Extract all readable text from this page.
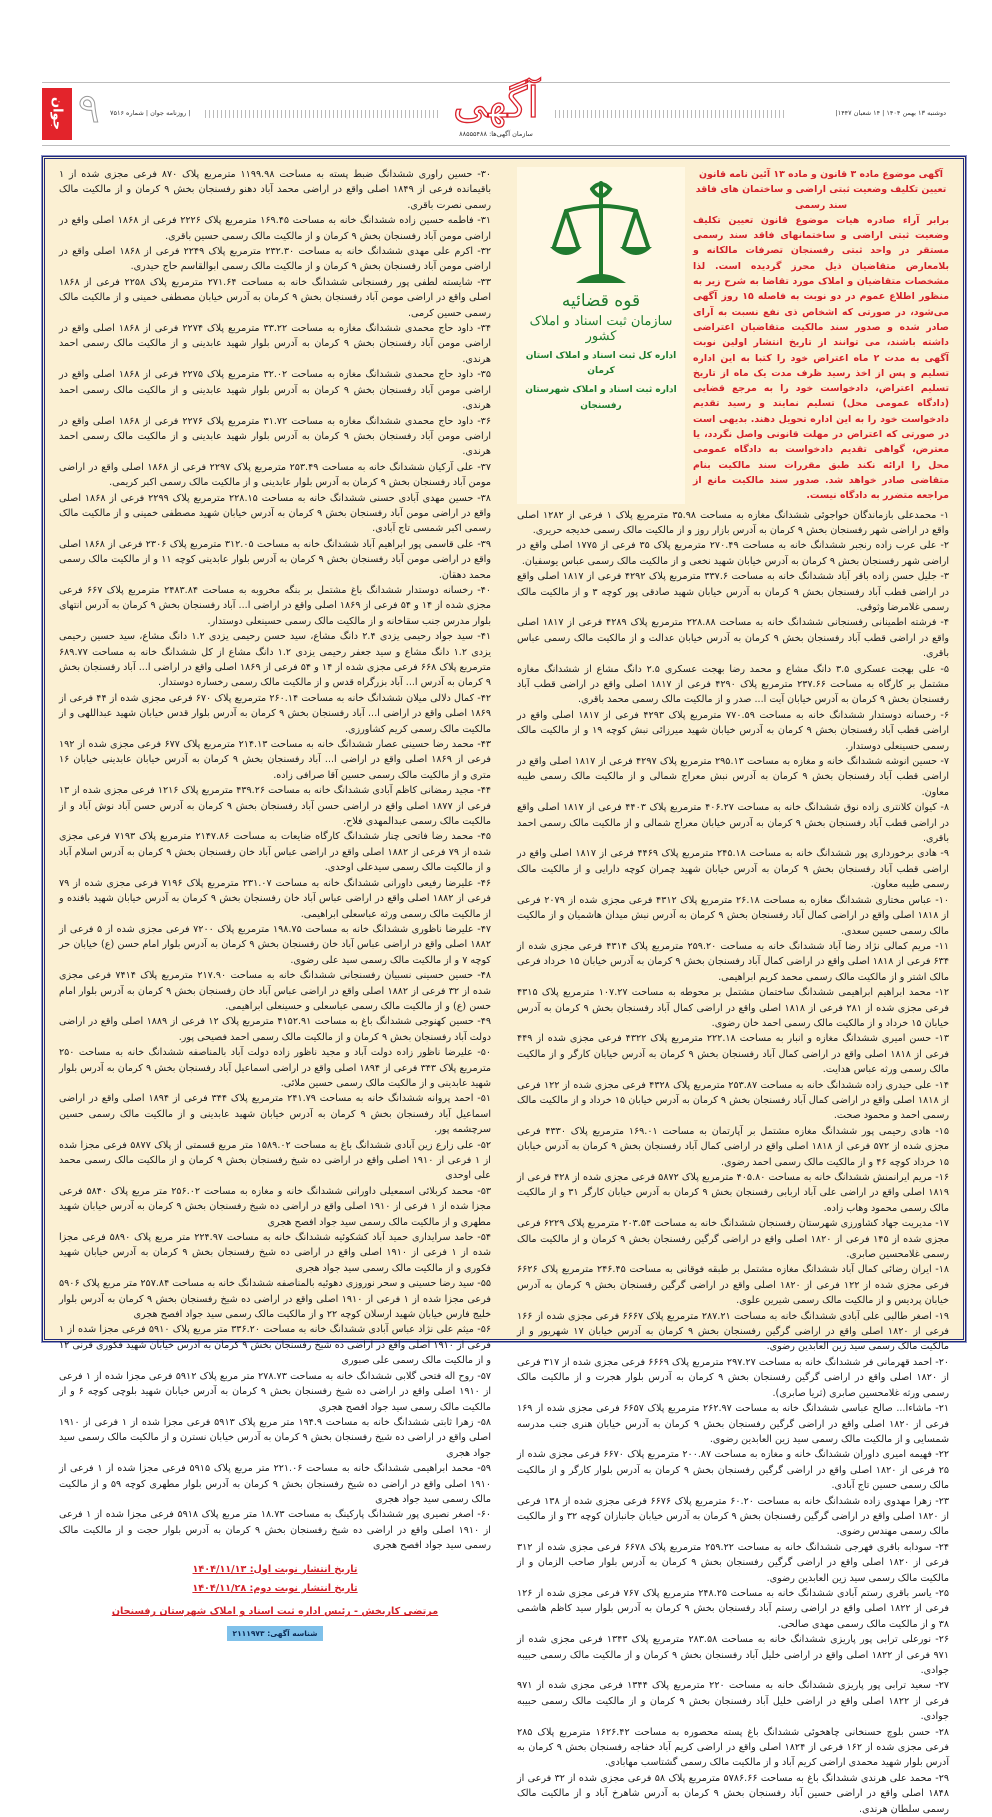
جوان ۹ | روزنامه جوان | شماره ۷۵۱۶	آگهی
سازمان آگهی‌ها: ۸۸۵۵۵۴۸۸
دوشنبه ۱۳ بهمن ۱۴۰۴ | ۱۴ شعبان ۱۴۴۷|
آگهی موضوع ماده ۳ قانون و ماده ۱۳ آئین نامه قانون تعیین تکلیف وضعیت ثبتی اراضی و ساختمان های فاقد سند رسمی
برابر آراء صادره هیات موضوع قانون تعیین تکلیف وضعیت ثبتی اراضی و ساختمانهای فاقد سند رسمی مستقر در واحد ثبتی رفسنجان تصرفات مالکانه و بلامعارض متقاضیان ذیل محرز گردیده است. لذا مشخصات متقاضیان و املاک مورد تقاضا به شرح زیر به منظور اطلاع عموم در دو نوبت به فاصله ۱۵ روز آگهی می‌شود، در صورتی که اشخاص ذی نفع نسبت به آرای صادر شده و صدور سند مالکیت متقاضیان اعتراضی داشته باشند، می توانند از تاریخ انتشار اولین نوبت آگهی به مدت ۲ ماه اعتراض خود را کتبا به این اداره تسلیم و پس از اخذ رسید ظرف مدت یک ماه از تاریخ تسلیم اعتراض، دادخواست خود را به مرجع قضایی (دادگاه عمومی محل) تسلیم نمایند و رسید تقدیم دادخواست خود را به این اداره تحویل دهند. بدیهی است در صورتی که اعتراض در مهلت قانونی واصل نگردد، یا معترض، گواهی تقدیم دادخواست به دادگاه عمومی محل را ارائه نکند طبق مقررات سند مالکیت بنام متقاضی صادر خواهد شد. صدور سند مالکیت مانع از مراجعه متضرر به دادگاه نیست.
قوه قضائیه
سازمان ثبت اسناد و املاک کشور
اداره کل ثبت اسناد و املاک استان کرمان
اداره ثبت اسناد و املاک شهرستان رفسنجان

۱- محمدعلی بازماندگان خواجوئی ششدانگ مغازه به مساحت ۳۵.۹۸ مترمربع پلاک ۱ فرعی از ۱۲۸۲ اصلی واقع در اراضی شهر رفسنجان بخش ۹ کرمان به آدرس بازار روز و از مالکیت مالک رسمی خدیجه حریری.

۲- علی عرب زاده رنجبر ششدانگ خانه به مساحت ۲۷۰.۴۹ مترمربع پلاک ۳۵ فرعی از ۱۷۷۵ اصلی واقع در اراضی شهر رفسنجان بخش ۹ کرمان به آدرس خیابان شهید نخعی و از مالکیت مالک رسمی عباس یوسفیان.

۳- جلیل حسن زاده باقر آباد ششدانگ خانه به مساحت ۳۳۷.۶ مترمربع پلاک ۴۲۹۲ فرعی از ۱۸۱۷ اصلی واقع در اراضی قطب آباد رفسنجان بخش ۹ کرمان به آدرس خیابان شهید صادقی پور کوچه ۳ و از مالکیت مالک رسمی غلامرضا وثوقی.

۴- فرشته اطمینانی رفسنجانی ششدانگ خانه به مساحت ۲۲۸.۸۸ مترمربع پلاک ۴۲۸۹ فرعی از ۱۸۱۷ اصلی واقع در اراضی قطب آباد رفسنجان بخش ۹ کرمان به آدرس خیابان عدالت و از مالکیت مالک رسمی عباس باقری.

۵- علی بهجت عسکری ۳.۵ دانگ مشاع و محمد رضا بهجت عسکری ۲.۵ دانگ مشاع از ششدانگ مغازه مشتمل بر کارگاه به مساحت ۲۳۷.۶۶ مترمربع پلاک ۴۲۹۰ فرعی از ۱۸۱۷ اصلی واقع در اراضی قطب آباد رفسنجان بخش ۹ کرمان به آدرس خیابان آیت ا... صدر و از مالکیت مالک رسمی محمد باقری.

۶- رخسانه دوستدار ششدانگ خانه به مساحت ۷۷۰.۵۹ مترمربع پلاک ۴۲۹۳ فرعی از ۱۸۱۷ اصلی واقع در اراضی قطب آباد رفسنجان بخش ۹ کرمان به آدرس خیابان شهید میرزائی نبش کوچه ۱۹ و از مالکیت مالک رسمی حسینعلی دوستدار.

۷- حسین انوشه ششدانگ خانه و مغازه به مساحت ۲۹۵.۱۳ مترمربع پلاک ۴۲۹۷ فرعی از ۱۸۱۷ اصلی واقع در اراضی قطب آباد رفسنجان بخش ۹ کرمان به آدرس نبش معراج شمالی و از مالکیت مالک رسمی طیبه معاون.

۸- کیوان کلانتری زاده نوق ششدانگ خانه به مساحت ۴۰۶.۲۷ مترمربع پلاک ۴۴۰۳ فرعی از ۱۸۱۷ اصلی واقع در اراضی قطب آباد رفسنجان بخش ۹ کرمان به آدرس خیابان معراج شمالی و از مالکیت مالک رسمی احمد باقری.

۹- هادی برخورداری پور ششدانگ خانه به مساحت ۲۴۵.۱۸ مترمربع پلاک ۴۴۶۹ فرعی از ۱۸۱۷ اصلی واقع در اراضی قطب آباد رفسنجان بخش ۹ کرمان به آدرس خیابان شهید چمران کوچه دارایی و از مالکیت مالک رسمی طیبه معاون.

۱۰- عباس مختاری ششدانگ مغازه به مساحت ۲۶.۱۸ مترمربع پلاک ۴۳۱۲ فرعی مجزی شده از ۲۰۷۹ فرعی از ۱۸۱۸ اصلی واقع در اراضی کمال آباد رفسنجان بخش ۹ کرمان به آدرس نبش میدان هاشمیان و از مالکیت مالک رسمی حسین سعدی.

۱۱- مریم کمالی نژاد رضا آباد ششدانگ خانه به مساحت ۲۵۹.۲۰ مترمربع پلاک ۴۳۱۴ فرعی مجزی شده از ۶۳۴ فرعی از ۱۸۱۸ اصلی واقع در اراضی کمال آباد رفسنجان بخش ۹ کرمان به آدرس خیابان ۱۵ خرداد فرعی مالک اشتر و از مالکیت مالک رسمی محمد کریم ابراهیمی.

۱۲- محمد ابراهیم ابراهیمی ششدانگ ساختمان مشتمل بر محوطه به مساحت ۱۰۷.۲۷ مترمربع پلاک ۴۳۱۵ فرعی مجزی شده از ۲۸۱ فرعی از ۱۸۱۸ اصلی واقع در اراضی کمال آباد رفسنجان بخش ۹ کرمان به آدرس خیابان ۱۵ خرداد و از مالکیت مالک رسمی احمد خان رضوی.

۱۳- حسن امیری ششدانگ مغازه و انبار به مساحت ۲۲۲.۱۸ مترمربع پلاک ۴۳۲۲ فرعی مجزی شده از ۴۴۹ فرعی از ۱۸۱۸ اصلی واقع در اراضی کمال آباد رفسنجان بخش ۹ کرمان به آدرس خیابان کارگر و از مالکیت مالک رسمی ورثه عباس هدایت.

۱۴- علی حیدری زاده ششدانگ خانه به مساحت ۲۵۳.۸۷ مترمربع پلاک ۴۳۲۸ فرعی مجزی شده از ۱۲۲ فرعی از ۱۸۱۸ اصلی واقع در اراضی کمال آباد رفسنجان بخش ۹ کرمان به آدرس خیابان ۱۵ خرداد و از مالکیت مالک رسمی احمد و محمود صحت.

۱۵- هادی رحیمی پور ششدانگ مغازه مشتمل بر آپارتمان به مساحت ۱۶۹.۰۱ مترمربع پلاک ۴۳۳۰ فرعی مجزی شده از ۵۷۲ فرعی از ۱۸۱۸ اصلی واقع در اراضی کمال آباد رفسنجان بخش ۹ کرمان به آدرس خیابان ۱۵ خرداد کوچه ۴۶ و از مالکیت مالک رسمی احمد رضوی.

۱۶- مریم ایرانمنش ششدانگ خانه به مساحت ۴۰۵.۸۰ مترمربع پلاک ۵۸۷۲ فرعی مجزی شده از ۴۲۸ فرعی از ۱۸۱۹ اصلی واقع در اراضی علی آباد اربابی رفسنجان بخش ۹ کرمان به آدرس خیابان کارگر ۳۱ و از مالکیت مالک رسمی محمود وهاب زاده.

۱۷- مدیریت جهاد کشاورزی شهرستان رفسنجان ششدانگ خانه به مساحت ۲۰۳.۵۴ مترمربع پلاک ۶۲۲۹ فرعی مجزی شده از ۱۴۵ فرعی از ۱۸۲۰ اصلی واقع در اراضی گرگین رفسنجان بخش ۹ کرمان و از مالکیت مالک رسمی غلامحسین صابری.

۱۸- ایران رضائی کمال آباد ششدانگ مغازه مشتمل بر طبقه فوقانی به مساحت ۲۴۶.۴۵ مترمربع پلاک ۶۶۲۶ فرعی مجزی شده از ۱۲۲ فرعی از ۱۸۲۰ اصلی واقع در اراضی گرگین رفسنجان بخش ۹ کرمان به آدرس خیابان پردیس و از مالکیت مالک رسمی شیرین علوی.

۱۹- اصغر طالبی علی آبادی ششدانگ خانه به مساحت ۲۸۷.۲۱ مترمربع پلاک ۶۶۶۷ فرعی مجزی شده از ۱۶۶ فرعی از ۱۸۲۰ اصلی واقع در اراضی گرگین رفسنجان بخش ۹ کرمان به آدرس خیابان ۱۷ شهریور و از مالکیت مالک رسمی سید زین العابدین رضوی.

۲۰- احمد قهرمانی فر ششدانگ خانه به مساحت ۲۹۷.۲۷ مترمربع پلاک ۶۶۶۹ فرعی مجزی شده از ۳۱۷ فرعی از ۱۸۲۰ اصلی واقع در اراضی گرگین رفسنجان بخش ۹ کرمان به آدرس بلوار هجرت و از مالکیت مالک رسمی ورثه غلامحسین صابری (ثریا صابری).

۲۱- ماشاءا... صالح عباسی ششدانگ خانه به مساحت ۲۶۲.۹۷ مترمربع پلاک ۶۶۵۷ فرعی مجزی شده از ۱۶۹ فرعی از ۱۸۲۰ اصلی واقع در اراضی گرگین رفسنجان بخش ۹ کرمان به آدرس خیابان هنری جنب مدرسه شمسایی و از مالکیت مالک رسمی سید زین العابدین رضوی.

۲۲- فهیمه امیری داوران ششدانگ خانه و مغازه به مساحت ۲۰۰.۸۷ مترمربع پلاک ۶۶۷۰ فرعی مجزی شده از ۲۵ فرعی از ۱۸۲۰ اصلی واقع در اراضی گرگین رفسنجان بخش ۹ کرمان به آدرس بلوار کارگر و از مالکیت مالک رسمی حسین تاج آبادی.

۲۳- زهرا مهدوی زاده ششدانگ خانه به مساحت ۶۰.۲۰ مترمربع پلاک ۶۶۷۶ فرعی مجزی شده از ۱۳۸ فرعی از ۱۸۲۰ اصلی واقع در اراضی گرگین رفسنجان بخش ۹ کرمان به آدرس خیابان جانبازان کوچه ۳۲ و از مالکیت مالک رسمی مهندس رضوی.

۲۴- سودابه باقری فهرجی ششدانگ خانه به مساحت ۲۵۹.۲۲ مترمربع پلاک ۶۶۷۸ فرعی مجزی شده از ۳۱۲ فرعی از ۱۸۲۰ اصلی واقع در اراضی گرگین رفسنجان بخش ۹ کرمان به آدرس بلوار صاحب الزمان و از مالکیت مالک رسمی سید زین العابدین رضوی.

۲۵- یاسر باقری رستم آبادی ششدانگ خانه به مساحت ۲۴۸.۲۵ مترمربع پلاک ۷۶۷ فرعی مجزی شده از ۱۲۶ فرعی از ۱۸۲۲ اصلی واقع در اراضی رستم آباد رفسنجان بخش ۹ کرمان به آدرس بلوار سید کاظم هاشمی ۳۸ و از مالکیت مالک رسمی مهدی صالحی.

۲۶- نورعلی ترابی پور پاریزی ششدانگ خانه به مساحت ۲۸۳.۵۸ مترمربع پلاک ۱۳۴۳ فرعی مجزی شده از ۹۷۱ فرعی از ۱۸۲۲ اصلی واقع در اراضی خلیل آباد رفسنجان بخش ۹ کرمان و از مالکیت مالک رسمی حبیبه جوادی.

۲۷- سعید ترابی پور پاریزی ششدانگ خانه به مساحت ۲۲۰ مترمربع پلاک ۱۳۴۴ فرعی مجزی شده از ۹۷۱ فرعی از ۱۸۲۲ اصلی واقع در اراضی خلیل آباد رفسنجان بخش ۹ کرمان و از مالکیت مالک رسمی حبیبه جوادی.

۲۸- حسن بلوچ حسنخانی چاهخوئی ششدانگ باغ پسته محصوره به مساحت ۱۶۲۶.۴۲ مترمربع پلاک ۲۸۵ فرعی مجزی شده از ۱۶۲ فرعی از ۱۸۲۴ اصلی واقع در اراضی کریم آباد خفاجه رفسنجان بخش ۹ کرمان به آدرس بلوار شهید محمدی اراضی کریم آباد و از مالکیت مالک رسمی گشتاسب مهابادی.

۲۹- محمد علی هرندی ششدانگ باغ به مساحت ۵۷۸۶.۶۶ مترمربع پلاک ۵۸ فرعی مجزی شده از ۳۲ فرعی از ۱۸۴۸ اصلی واقع در اراضی حسین آباد رفسنجان بخش ۹ کرمان به آدرس شاهرخ آباد و از مالکیت مالک رسمی سلطان هرندی.

۳۰- حسین راوری ششدانگ ضبط پسته به مساحت ۱۱۹۹.۹۸ مترمربع پلاک ۸۷۰ فرعی مجزی شده از ۱ باقیمانده فرعی از ۱۸۴۹ اصلی واقع در اراضی محمد آباد دهنو رفسنجان بخش ۹ کرمان و از مالکیت مالک رسمی نصرت باقری.

۳۱- فاطمه حسین زاده ششدانگ خانه به مساحت ۱۶۹.۴۵ مترمربع پلاک ۲۲۲۶ فرعی از ۱۸۶۸ اصلی واقع در اراضی مومن آباد رفسنجان بخش ۹ کرمان و از مالکیت مالک رسمی حسین باقری.

۳۲- اکرم علی مهدی ششدانگ خانه به مساحت ۲۳۲.۳۰ مترمربع پلاک ۲۲۴۹ فرعی از ۱۸۶۸ اصلی واقع در اراضی مومن آباد رفسنجان بخش ۹ کرمان و از مالکیت مالک رسمی ابوالقاسم حاج حیدری.

۳۳- شایسته لطفی پور رفسنجانی ششدانگ خانه به مساحت ۲۷۱.۶۴ مترمربع پلاک ۲۲۵۸ فرعی از ۱۸۶۸ اصلی واقع در اراضی مومن آباد رفسنجان بخش ۹ کرمان به آدرس خیابان مصطفی خمینی و از مالکیت مالک رسمی حسین کرمی.

۳۴- داود حاج محمدی ششدانگ مغازه به مساحت ۳۳.۲۲ مترمربع پلاک ۲۲۷۴ فرعی از ۱۸۶۸ اصلی واقع در اراضی مومن آباد رفسنجان بخش ۹ کرمان به آدرس بلوار شهید عابدینی و از مالکیت مالک رسمی احمد هرندی.

۳۵- داود حاج محمدی ششدانگ مغازه به مساحت ۳۲.۰۲ مترمربع پلاک ۲۲۷۵ فرعی از ۱۸۶۸ اصلی واقع در اراضی مومن آباد رفسنجان بخش ۹ کرمان به آدرس بلوار شهید عابدینی و از مالکیت مالک رسمی احمد هرندی.

۳۶- داود حاج محمدی ششدانگ مغازه به مساحت ۳۱.۷۲ مترمربع پلاک ۲۲۷۶ فرعی از ۱۸۶۸ اصلی واقع در اراضی مومن آباد رفسنجان بخش ۹ کرمان به آدرس بلوار شهید عابدینی و از مالکیت مالک رسمی احمد هرندی.

۳۷- علی آرکیان ششدانگ خانه به مساحت ۲۵۳.۴۹ مترمربع پلاک ۲۲۹۷ فرعی از ۱۸۶۸ اصلی واقع در اراضی مومن آباد رفسنجان بخش ۹ کرمان به آدرس بلوار عابدینی و از مالکیت مالک رسمی اکبر کریمی.

۳۸- حسین مهدی آبادی حسنی ششدانگ خانه به مساحت ۲۲۸.۱۵ مترمربع پلاک ۲۲۹۹ فرعی از ۱۸۶۸ اصلی واقع در اراضی مومن آباد رفسنجان بخش ۹ کرمان به آدرس خیابان شهید مصطفی خمینی و از مالکیت مالک رسمی اکبر شمسی تاج آبادی.

۳۹- علی قاسمی پور ابراهیم آباد ششدانگ خانه به مساحت ۳۱۲.۰۵ مترمربع پلاک ۲۳۰۶ فرعی از ۱۸۶۸ اصلی واقع در اراضی مومن آباد رفسنجان بخش ۹ کرمان به آدرس بلوار عابدینی کوچه ۱۱ و از مالکیت مالک رسمی محمد دهقان.

۴۰- رخسانه دوستدار ششدانگ باغ مشتمل بر بنگه مخروبه به مساحت ۲۴۸۳.۸۴ مترمربع پلاک ۶۶۷ فرعی مجزی شده از ۱۴ و ۵۴ فرعی از ۱۸۶۹ اصلی واقع در اراضی ا... آباد رفسنجان بخش ۹ کرمان به آدرس انتهای بلوار مدرس جنب سقاخانه و از مالکیت مالک رسمی حسینعلی دوستدار.

۴۱- سید جواد رحیمی یزدی ۲.۴ دانگ مشاع، سید حسن رحیمی یزدی ۱.۲ دانگ مشاع، سید حسین رحیمی یزدی ۱.۲ دانگ مشاع و سید جعفر رحیمی یزدی ۱.۲ دانگ مشاع از کل ششدانگ خانه به مساحت ۶۸۹.۷۷ مترمربع پلاک ۶۶۸ فرعی مجزی شده از ۱۴ و ۵۴ فرعی از ۱۸۶۹ اصلی واقع در اراضی ا... آباد رفسنجان بخش ۹ کرمان به آدرس ا... آباد بزرگراه قدس و از مالکیت مالک رسمی رخساره دوستدار.

۴۲- کمال دلالی میلان ششدانگ خانه به مساحت ۲۶۰.۱۴ مترمربع پلاک ۶۷۰ فرعی مجزی شده از ۴۴ فرعی از ۱۸۶۹ اصلی واقع در اراضی ا... آباد رفسنجان بخش ۹ کرمان به آدرس بلوار قدس خیابان شهید عبداللهی و از مالکیت مالک رسمی کریم کشاورزی.

۴۳- محمد رضا حسینی عصار ششدانگ خانه به مساحت ۲۱۴.۱۳ مترمربع پلاک ۶۷۷ فرعی مجزی شده از ۱۹۲ فرعی از ۱۸۶۹ اصلی واقع در اراضی ا... آباد رفسنجان بخش ۹ کرمان به آدرس خیابان عابدینی خیابان ۱۶ متری و از مالکیت مالک رسمی حسین آقا صرافی زاده.

۴۴- مجید رمضانی کاظم آبادی ششدانگ خانه به مساحت ۴۳۹.۲۶ مترمربع پلاک ۱۲۱۶ فرعی مجزی شده از ۱۳ فرعی از ۱۸۷۷ اصلی واقع در اراضی حسن آباد رفسنجان بخش ۹ کرمان به آدرس حسن آباد نوش آباد و از مالکیت مالک رسمی عبدالمهدی فلاح.

۴۵- محمد رضا فاتحی چنار ششدانگ کارگاه ضایعات به مساحت ۲۱۴۷.۸۶ مترمربع پلاک ۷۱۹۳ فرعی مجزی شده از ۷۹ فرعی از ۱۸۸۲ اصلی واقع در اراضی عباس آباد خان رفسنجان بخش ۹ کرمان به آدرس اسلام آباد و از مالکیت مالک رسمی سیدعلی اوحدی.

۴۶- علیرضا رفیعی داورانی ششدانگ خانه به مساحت ۲۳۱.۰۷ مترمربع پلاک ۷۱۹۶ فرعی مجزی شده از ۷۹ فرعی از ۱۸۸۲ اصلی واقع در اراضی عباس آباد خان رفسنجان بخش ۹ کرمان به آدرس خیابان شهید بافنده و از مالکیت مالک رسمی ورثه عباسعلی ابراهیمی.

۴۷- علیرضا ناظوری ششدانگ خانه به مساحت ۱۹۸.۷۵ مترمربع پلاک ۷۲۰۰ فرعی مجزی شده از ۵ فرعی از ۱۸۸۲ اصلی واقع در اراضی عباس آباد خان رفسنجان بخش ۹ کرمان به آدرس بلوار امام حسن (ع) خیابان حر کوچه ۷ و از مالکیت مالک رسمی سید علی رضوی.

۴۸- حسین حسینی نسبیان رفسنجانی ششدانگ خانه به مساحت ۲۱۷.۹۰ مترمربع پلاک ۷۴۱۴ فرعی مجزی شده از ۳۲ فرعی از ۱۸۸۲ اصلی واقع در اراضی عباس آباد خان رفسنجان بخش ۹ کرمان به آدرس بلوار امام حسن (ع) و از مالکیت مالک رسمی عباسعلی و حسینعلی ابراهیمی.

۴۹- حسین کهنوجی ششدانگ باغ به مساحت ۴۱۵۲.۹۱ مترمربع پلاک ۱۲ فرعی از ۱۸۸۹ اصلی واقع در اراضی دولت آباد رفسنجان بخش ۹ کرمان و از مالکیت مالک رسمی احمد فصیحی پور.

۵۰- علیرضا ناظور زاده دولت آباد و مجید ناظور زاده دولت آباد بالمناصفه ششدانگ خانه به مساحت ۲۵۰ مترمربع پلاک ۳۴۳ فرعی از ۱۸۹۴ اصلی واقع در اراضی اسماعیل آباد رفسنجان بخش ۹ کرمان به آدرس بلوار شهید عابدینی و از مالکیت مالک رسمی حسین ملائی.

۵۱- احمد پروانه ششدانگ خانه به مساحت ۲۴۱.۷۹ مترمربع پلاک ۳۴۴ فرعی از ۱۸۹۴ اصلی واقع در اراضی اسماعیل آباد رفسنجان بخش ۹ کرمان به آدرس خیابان شهید عابدینی و از مالکیت مالک رسمی حسین سرچشمه پور.

۵۲- علی زارع زین آبادی ششدانگ باغ به مساحت ۱۵۸۹.۰۲ متر مربع قسمتی از پلاک ۵۸۷۷ فرعی مجزا شده از ۱ فرعی از ۱۹۱۰ اصلی واقع در اراضی ده شیخ رفسنجان بخش ۹ کرمان و از مالکیت مالک رسمی محمد علی اوحدی

۵۳- محمد کربلائی اسمعیلی داورانی ششدانگ خانه و مغازه به مساحت ۲۵۶.۰۲ متر مربع پلاک ۵۸۴۰ فرعی مجزا شده از ۱ فرعی از ۱۹۱۰ اصلی واقع در اراضی ده شیخ رفسنجان بخش ۹ کرمان به آدرس خیابان شهید مطهری و از مالکیت مالک رسمی سید جواد افصح هجری

۵۴- حامد سرایداری حمید آباد کشکوئیه ششدانگ خانه به مساحت ۲۲۴.۹۷ متر مربع پلاک ۵۸۹۰ فرعی مجزا شده از ۱ فرعی از ۱۹۱۰ اصلی واقع در اراضی ده شیخ رفسنجان بخش ۹ کرمان به آدرس خیابان شهید فکوری و از مالکیت مالک رسمی سید جواد هجری

۵۵- سید رضا حسینی و سحر نوروزی دهوئیه بالمناصفه ششدانگ خانه به مساحت ۲۵۷.۸۴ متر مربع پلاک ۵۹۰۶ فرعی مجزا شده از ۱ فرعی از ۱۹۱۰ اصلی واقع در اراضی ده شیخ رفسنجان بخش ۹ کرمان به آدرس بلوار خلیج فارس خیابان شهید ارسلان کوچه ۲۲ و از مالکیت مالک رسمی سید جواد افصح هجری

۵۶- میثم علی نژاد عباس آبادی ششدانگ خانه به مساحت ۳۳۶.۲۰ متر مربع پلاک ۵۹۱۰ فرعی مجزا شده از ۱ فرعی از ۱۹۱۰ اصلی واقع در اراضی ده شیخ رفسنجان بخش ۹ کرمان به آدرس خیابان شهید فکوری قرنی ۱۲ و از مالکیت مالک رسمی علی صبوری

۵۷- روح اله فتحی گلابی ششدانگ خانه به مساحت ۲۷۸.۷۳ متر مربع پلاک ۵۹۱۲ فرعی مجزا شده از ۱ فرعی از ۱۹۱۰ اصلی واقع در اراضی ده شیخ رفسنجان بخش ۹ کرمان به آدرس خیابان شهید بلوچی کوچه ۶ و از مالکیت مالک رسمی سید جواد افصح هجری

۵۸- زهرا ثابتی ششدانگ خانه به مساحت ۱۹۴.۹ متر مربع پلاک ۵۹۱۳ فرعی مجزا شده از ۱ فرعی از ۱۹۱۰ اصلی واقع در اراضی ده شیخ رفسنجان بخش ۹ کرمان به آدرس خیابان نسترن و از مالکیت مالک رسمی سید جواد هجری

۵۹- محمد ابراهیمی ششدانگ خانه به مساحت ۲۲۱.۰۶ متر مربع پلاک ۵۹۱۵ فرعی مجزا شده از ۱ فرعی از ۱۹۱۰ اصلی واقع در اراضی ده شیخ رفسنجان بخش ۹ کرمان به آدرس بلوار مطهری کوچه ۵۹ و از مالکیت مالک رسمی سید جواد هجری

۶۰- اصغر نصیری پور ششدانگ پارکینگ به مساحت ۱۸.۷۳ متر مربع پلاک ۵۹۱۸ فرعی مجزا شده از ۱ فرعی از ۱۹۱۰ اصلی واقع در اراضی ده شیخ رفسنجان بخش ۹ کرمان به آدرس بلوار حجت و از مالکیت مالک رسمی سید جواد افصح هجری

تاریخ انتشار نوبت اول: ۱۴۰۴/۱۱/۱۳
تاریخ انتشار نوبت دوم: ۱۴۰۴/۱۱/۲۸
مرتضی کاربخش - رئیس اداره ثبت اسناد و املاک شهرستان رفسنجان
شناسه آگهی: ۲۱۱۱۹۷۳
